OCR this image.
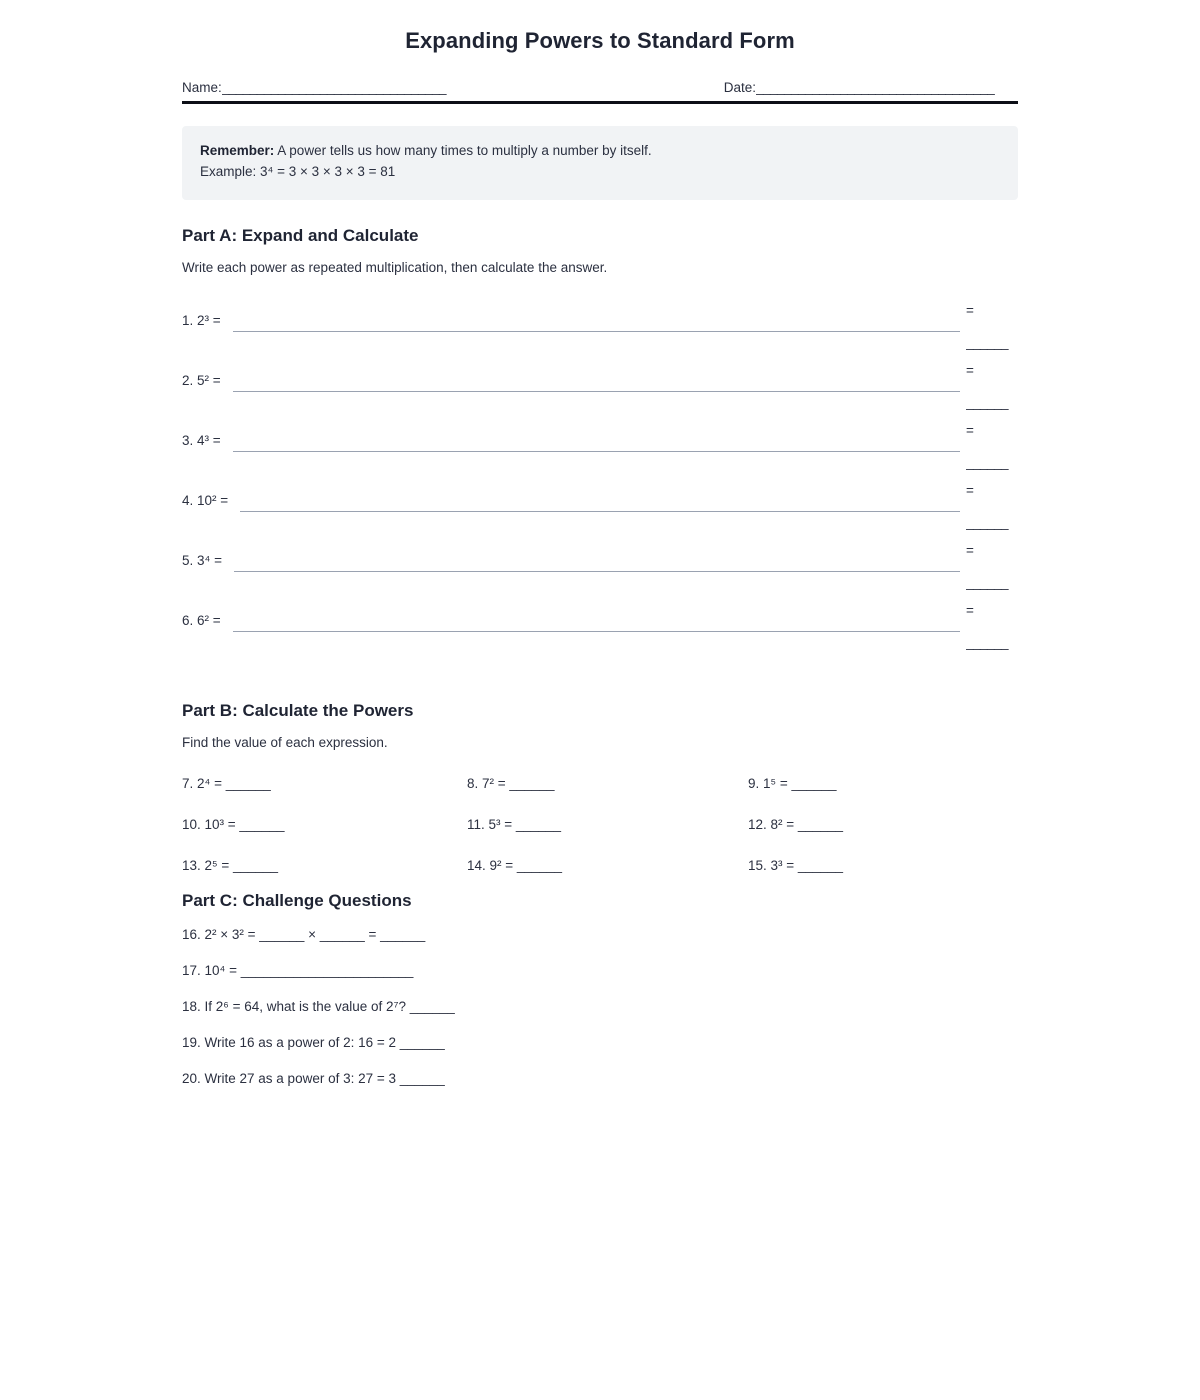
Expanding Powers to Standard Form
Name: ________________________________	Date: __________________________________
Remember: A power tells us how many times to multiply a number by itself.
Example: 3⁴ = 3 × 3 × 3 × 3 = 81
Part A: Expand and Calculate

Write each power as repeated multiplication, then calculate the answer.

1. 2³ =
=
______
2. 5² =
=
______
3. 4³ =
=
______
4. 10² =
=
______
5. 3⁴ =
=
______
6. 6² =
=
______
Part B: Calculate the Powers

Find the value of each expression.

7. 2⁴ = ______	8. 7² = ______	9. 1⁵ = ______
10. 10³ = ______	11. 5³ = ______	12. 8² = ______
13. 2⁵ = ______	14. 9² = ______	15. 3³ = ______
Part C: Challenge Questions
16. 2² × 3² = ______ × ______ = ______
17. 10⁴ = _______________________
18. If 2⁶ = 64, what is the value of 2⁷? ______
19. Write 16 as a power of 2: 16 = 2 ______
20. Write 27 as a power of 3: 27 = 3 ______
